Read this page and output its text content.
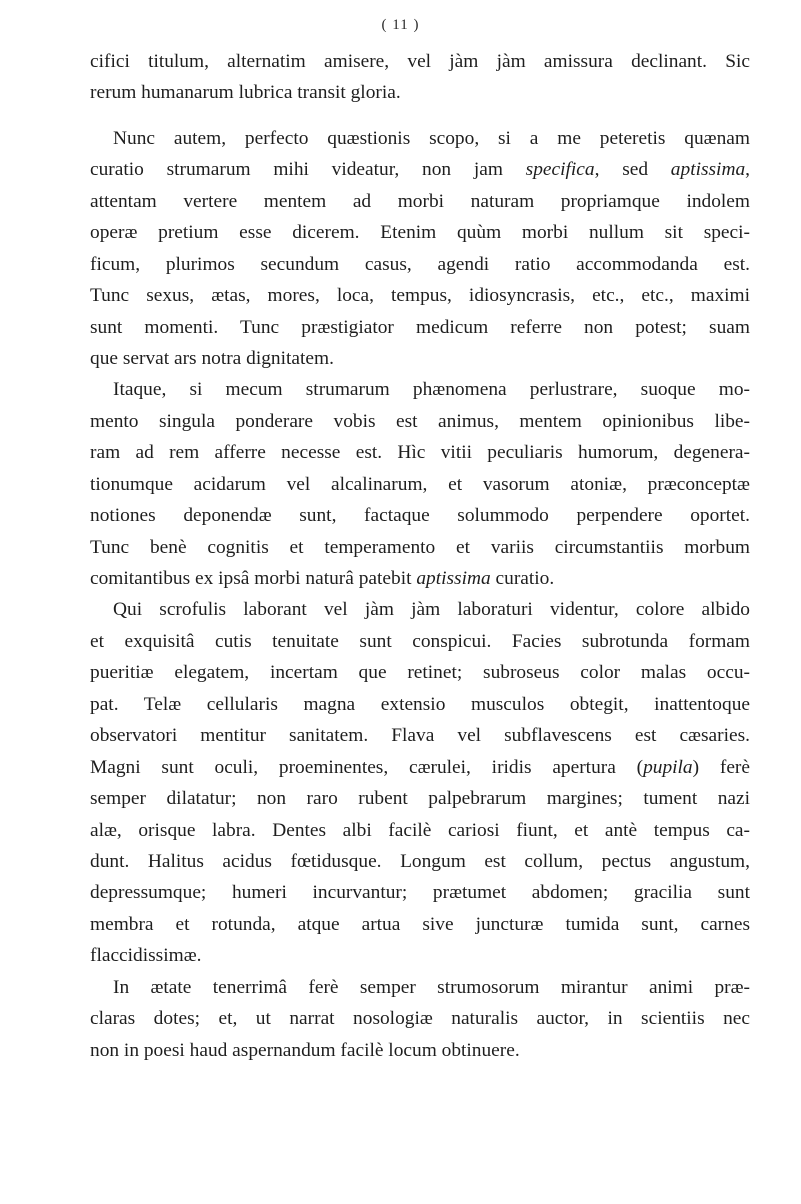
( 11 )
cifici titulum, alternatim amisere, vel jàm jàm amissura declinant. Sic
rerum humanarum lubrica transit gloria.
Nunc autem, perfecto quæstionis scopo, si a me peteretis quænam
curatio strumarum mihi videatur, non jam specifica, sed aptissima,
attentam vertere mentem ad morbi naturam propriamque indolem
operæ pretium esse dicerem. Etenim quùm morbi nullum sit speci-
ficum, plurimos secundum casus, agendi ratio accommodanda est.
Tunc sexus, ætas, mores, loca, tempus, idiosyncrasis, etc., etc., maximi
sunt momenti. Tunc præstigiator medicum referre non potest; suam
que servat ars notra dignitatem.
Itaque, si mecum strumarum phænomena perlustrare, suoque mo-
mento singula ponderare vobis est animus, mentem opinionibus libe-
ram ad rem afferre necesse est. Hìc vitii peculiaris humorum, degenera-
tionumque acidarum vel alcalinarum, et vasorum atoniæ, præconceptæ
notiones deponendæ sunt, factaque solummodo perpendere oportet.
Tunc benè cognitis et temperamento et variis circumstantiis morbum
comitantibus ex ipsâ morbi naturâ patebit aptissima curatio.
Qui scrofulis laborant vel jàm jàm laboraturi videntur, colore albido
et exquisitâ cutis tenuitate sunt conspicui. Facies subrotunda formam
pueritiæ elegatem, incertam que retinet; subroseus color malas occu-
pat. Telæ cellularis magna extensio musculos obtegit, inattentoque
observatori mentitur sanitatem. Flava vel subflavescens est cæsaries.
Magni sunt oculi, proeminentes, cærulei, iridis apertura (pupila) ferè
semper dilatatur; non raro rubent palpebrarum margines; tument nazi
alæ, orisque labra. Dentes albi facilè cariosi fiunt, et antè tempus ca-
dunt. Halitus acidus fœtidusque. Longum est collum, pectus angustum,
depressumque; humeri incurvantur; prætumet abdomen; gracilia sunt
membra et rotunda, atque artua sive juncturæ tumida sunt, carnes
flaccidissimæ.
In ætate tenerrimâ ferè semper strumosorum mirantur animi præ-
claras dotes; et, ut narrat nosologiæ naturalis auctor, in scientiis nec
non in poesi haud aspernandum facilè locum obtinuere.
